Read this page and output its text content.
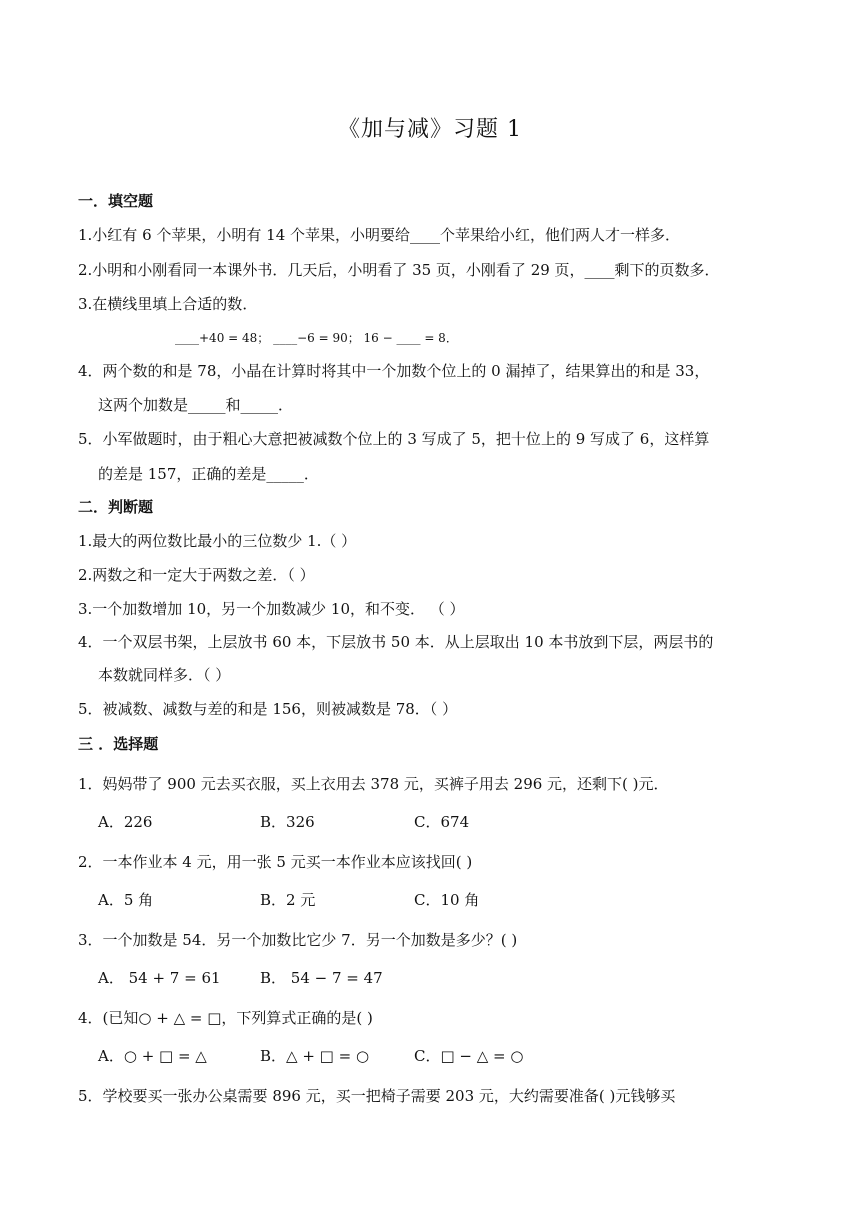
《加与减》习题 1
一．填空题
1.小红有 6 个苹果，小明有 14 个苹果，小明要给____个苹果给小红，他们两人才一样多．
2.小明和小刚看同一本课外书．几天后，小明看了 35 页，小刚看了 29 页，____剩下的页数多．
3.在横线里填上合适的数．
____+40 = 48； ____−6 = 90； 16 − ____ = 8．
4．两个数的和是 78，小晶在计算时将其中一个加数个位上的 0 漏掉了，结果算出的和是 33，
这两个加数是_____和_____．
5．小军做题时，由于粗心大意把被减数个位上的 3 写成了 5，把十位上的 9 写成了 6，这样算
的差是 157，正确的差是_____．
二．判断题
1.最大的两位数比最小的三位数少 1.（ ）
2.两数之和一定大于两数之差．（ ）
3.一个加数增加 10，另一个加数减少 10，和不变． （ ）
4．一个双层书架，上层放书 60 本，下层放书 50 本．从上层取出 10 本书放到下层，两层书的
本数就同样多．（ ）
5．被减数、减数与差的和是 156，则被减数是 78．（ ）
三 ．选择题
1．妈妈带了 900 元去买衣服，买上衣用去 378 元，买裤子用去 296 元，还剩下( )元．
A．226	B．326	C．674
2．一本作业本 4 元，用一张 5 元买一本作业本应该找回( )
A．5 角	B．2 元	C．10 角
3．一个加数是 54．另一个加数比它少 7．另一个加数是多少？( )
A． 54 + 7 = 61	B． 54 − 7 = 47
4．(已知○ + △ = □，下列算式正确的是( )
A．○ + □ = △	B．△ + □ = ○	C．□ − △ = ○
5．学校要买一张办公桌需要 896 元，买一把椅子需要 203 元，大约需要准备( )元钱够买
